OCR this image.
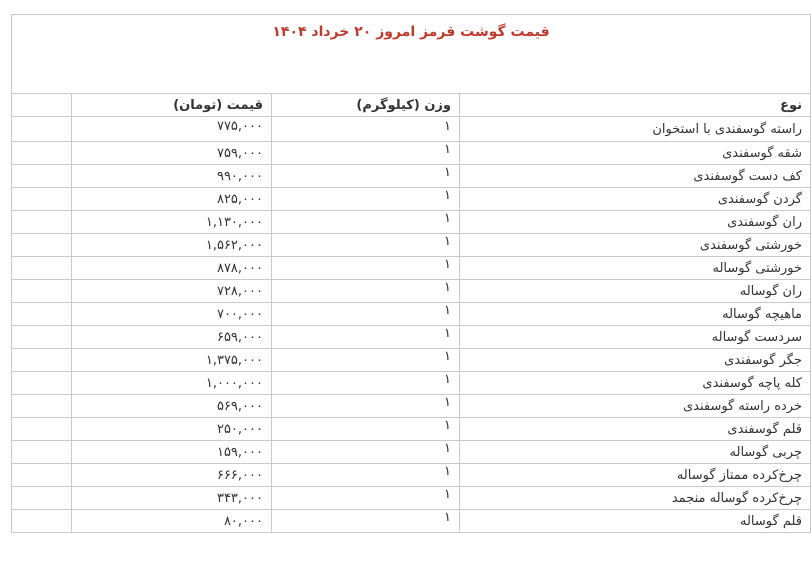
قیمت گوشت قرمز امروز ۲۰ خرداد ۱۴۰۴			

نوع	وزن (کیلوگرم)	قیمت (تومان)	
راسته گوسفندی با استخوان	۱	۷۷۵,۰۰۰	
شقه گوسفندی	۱	۷۵۹,۰۰۰	
کف دست گوسفندی	۱	۹۹۰,۰۰۰	
گردن گوسفندی	۱	۸۲۵,۰۰۰	
ران گوسفندی	۱	۱,۱۳۰,۰۰۰	
خورشتی گوسفندی	۱	۱,۵۶۲,۰۰۰	
خورشتی گوساله	۱	۸۷۸,۰۰۰	
ران گوساله	۱	۷۲۸,۰۰۰	
ماهیچه گوساله	۱	۷۰۰,۰۰۰	
سردست گوساله	۱	۶۵۹,۰۰۰	
جگر گوسفندی	۱	۱,۳۷۵,۰۰۰	
کله پاچه گوسفندی	۱	۱,۰۰۰,۰۰۰	
خرده راسته گوسفندی	۱	۵۶۹,۰۰۰	
قلم گوسفندی	۱	۲۵۰,۰۰۰	
چربی گوساله	۱	۱۵۹,۰۰۰	
چرخ‌کرده ممتاز گوساله	۱	۶۶۶,۰۰۰	
چرخ‌کرده گوساله منجمد	۱	۳۴۳,۰۰۰	
قلم گوساله	۱	۸۰,۰۰۰	
